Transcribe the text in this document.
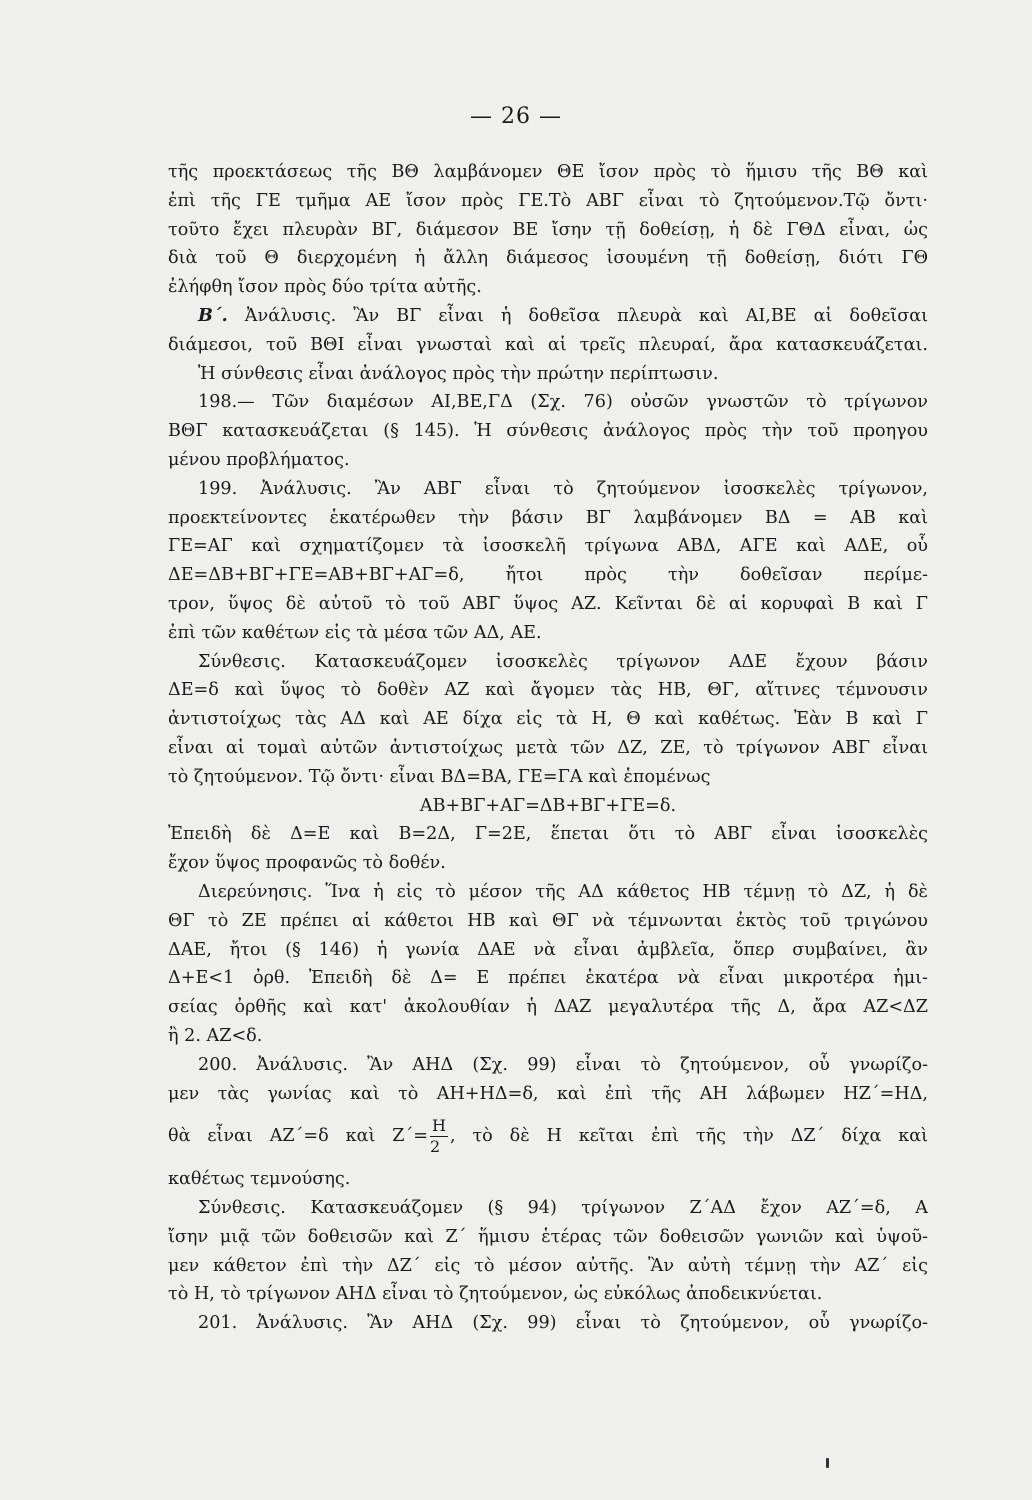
— 26 —
τῆς προεκτάσεως τῆς ΒΘ λαμβάνομεν ΘΕ ἴσον πρὸς τὸ ἥμισυ τῆς ΒΘ καὶ
ἐπὶ τῆς ΓΕ τμῆμα ΑΕ ἴσον πρὸς ΓΕ.Τὸ ΑΒΓ εἶναι τὸ ζητούμενον.Τῷ ὄντι·
τοῦτο ἔχει πλευρὰν ΒΓ, διάμεσον ΒΕ ἴσην τῇ δοθείσῃ, ἡ δὲ ΓΘΔ εἶναι, ὡς
διὰ τοῦ Θ διερχομένη ἡ ἄλλη διάμεσος ἰσουμένη τῇ δοθείσῃ, διότι ΓΘ
ἐλήφθη ἴσον πρὸς δύο τρίτα αὐτῆς.
Β΄. Ἀνάλυσις. Ἂν ΒΓ εἶναι ἡ δοθεῖσα πλευρὰ καὶ ΑΙ,ΒΕ αἱ δοθεῖσαι
διάμεσοι, τοῦ ΒΘΙ εἶναι γνωσταὶ καὶ αἱ τρεῖς πλευραί, ἄρα κατασκευάζεται.
Ἡ σύνθεσις εἶναι ἀνάλογος πρὸς τὴν πρώτην περίπτωσιν.
198.— Τῶν διαμέσων ΑΙ,ΒΕ,ΓΔ (Σχ. 76) οὐσῶν γνωστῶν τὸ τρίγωνον
ΒΘΓ κατασκευάζεται (§ 145). Ἡ σύνθεσις ἀνάλογος πρὸς τὴν τοῦ προηγου
μένου προβλήματος.
199. Ἀνάλυσις. Ἂν ΑΒΓ εἶναι τὸ ζητούμενον ἰσοσκελὲς τρίγωνον,
προεκτείνοντες ἑκατέρωθεν τὴν βάσιν ΒΓ λαμβάνομεν ΒΔ = ΑΒ καὶ
ΓΕ=ΑΓ καὶ σχηματίζομεν τὰ ἰσοσκελῆ τρίγωνα ΑΒΔ, ΑΓΕ καὶ ΑΔΕ, οὗ
ΔΕ=ΔΒ+ΒΓ+ΓΕ=ΑΒ+ΒΓ+ΑΓ=δ, ἤτοι πρὸς τὴν δοθεῖσαν περίμε-
τρον, ὕψος δὲ αὐτοῦ τὸ τοῦ ΑΒΓ ὕψος ΑΖ. Κεῖνται δὲ αἱ κορυφαὶ Β καὶ Γ
ἐπὶ τῶν καθέτων εἰς τὰ μέσα τῶν ΑΔ, ΑΕ.
Σύνθεσις. Κατασκευάζομεν ἰσοσκελὲς τρίγωνον ΑΔΕ ἔχουν βάσιν
ΔΕ=δ καὶ ὕψος τὸ δοθὲν ΑΖ καὶ ἄγομεν τὰς ΗΒ, ΘΓ, αἵτινες τέμνουσιν
ἀντιστοίχως τὰς ΑΔ καὶ ΑΕ δίχα εἰς τὰ Η, Θ καὶ καθέτως. Ἐὰν Β καὶ Γ
εἶναι αἱ τομαὶ αὐτῶν ἀντιστοίχως μετὰ τῶν ΔΖ, ΖΕ, τὸ τρίγωνον ΑΒΓ εἶναι
τὸ ζητούμενον. Τῷ ὄντι· εἶναι ΒΔ=ΒΑ, ΓΕ=ΓΑ καὶ ἑπομένως
ΑΒ+ΒΓ+ΑΓ=ΔΒ+ΒΓ+ΓΕ=δ.
Ἐπειδὴ δὲ Δ=Ε καὶ Β=2Δ, Γ=2Ε, ἕπεται ὅτι τὸ ΑΒΓ εἶναι ἰσοσκελὲς
ἔχον ὕψος προφανῶς τὸ δοθέν.
Διερεύνησις. Ἵνα ἡ εἰς τὸ μέσον τῆς ΑΔ κάθετος ΗΒ τέμνῃ τὸ ΔΖ, ἡ δὲ
ΘΓ τὸ ΖΕ πρέπει αἱ κάθετοι ΗΒ καὶ ΘΓ νὰ τέμνωνται ἐκτὸς τοῦ τριγώνου
ΔΑΕ, ἤτοι (§ 146) ἡ γωνία ΔΑΕ νὰ εἶναι ἀμβλεῖα, ὅπερ συμβαίνει, ἂν
Δ+Ε<1 ὀρθ. Ἐπειδὴ δὲ Δ= Ε πρέπει ἑκατέρα νὰ εἶναι μικροτέρα ἡμι-
σείας ὀρθῆς καὶ κατ' ἀκολουθίαν ἡ ΔΑΖ μεγαλυτέρα τῆς Δ, ἄρα ΑΖ<ΔΖ
ἢ 2. ΑΖ<δ.
200. Ἀνάλυσις. Ἂν ΑΗΔ (Σχ. 99) εἶναι τὸ ζητούμενον, οὗ γνωρίζο-
μεν τὰς γωνίας καὶ τὸ ΑΗ+ΗΔ=δ, καὶ ἐπὶ τῆς ΑΗ λάβωμεν ΗΖ΄=ΗΔ,
θὰ εἶναι ΑΖ΄=δ καὶ $Z΄= \frac{H}{2}$ , τὸ δὲ Η κεῖται ἐπὶ τῆς τὴν ΔΖ΄ δίχα καὶ
καθέτως τεμνούσης.
Σύνθεσις. Κατασκευάζομεν (§ 94) τρίγωνον Ζ΄ΑΔ ἔχον ΑΖ΄=δ, Α
ἴσην μιᾷ τῶν δοθεισῶν καὶ Ζ΄ ἥμισυ ἑτέρας τῶν δοθεισῶν γωνιῶν καὶ ὑψοῦ-
μεν κάθετον ἐπὶ τὴν ΔΖ΄ εἰς τὸ μέσον αὐτῆς. Ἂν αὐτὴ τέμνῃ τὴν ΑΖ΄ εἰς
τὸ Η, τὸ τρίγωνον ΑΗΔ εἶναι τὸ ζητούμενον, ὡς εὐκόλως ἀποδεικνύεται.
201. Ἀνάλυσις. Ἂν ΑΗΔ (Σχ. 99) εἶναι τὸ ζητούμενον, οὗ γνωρίζο-
